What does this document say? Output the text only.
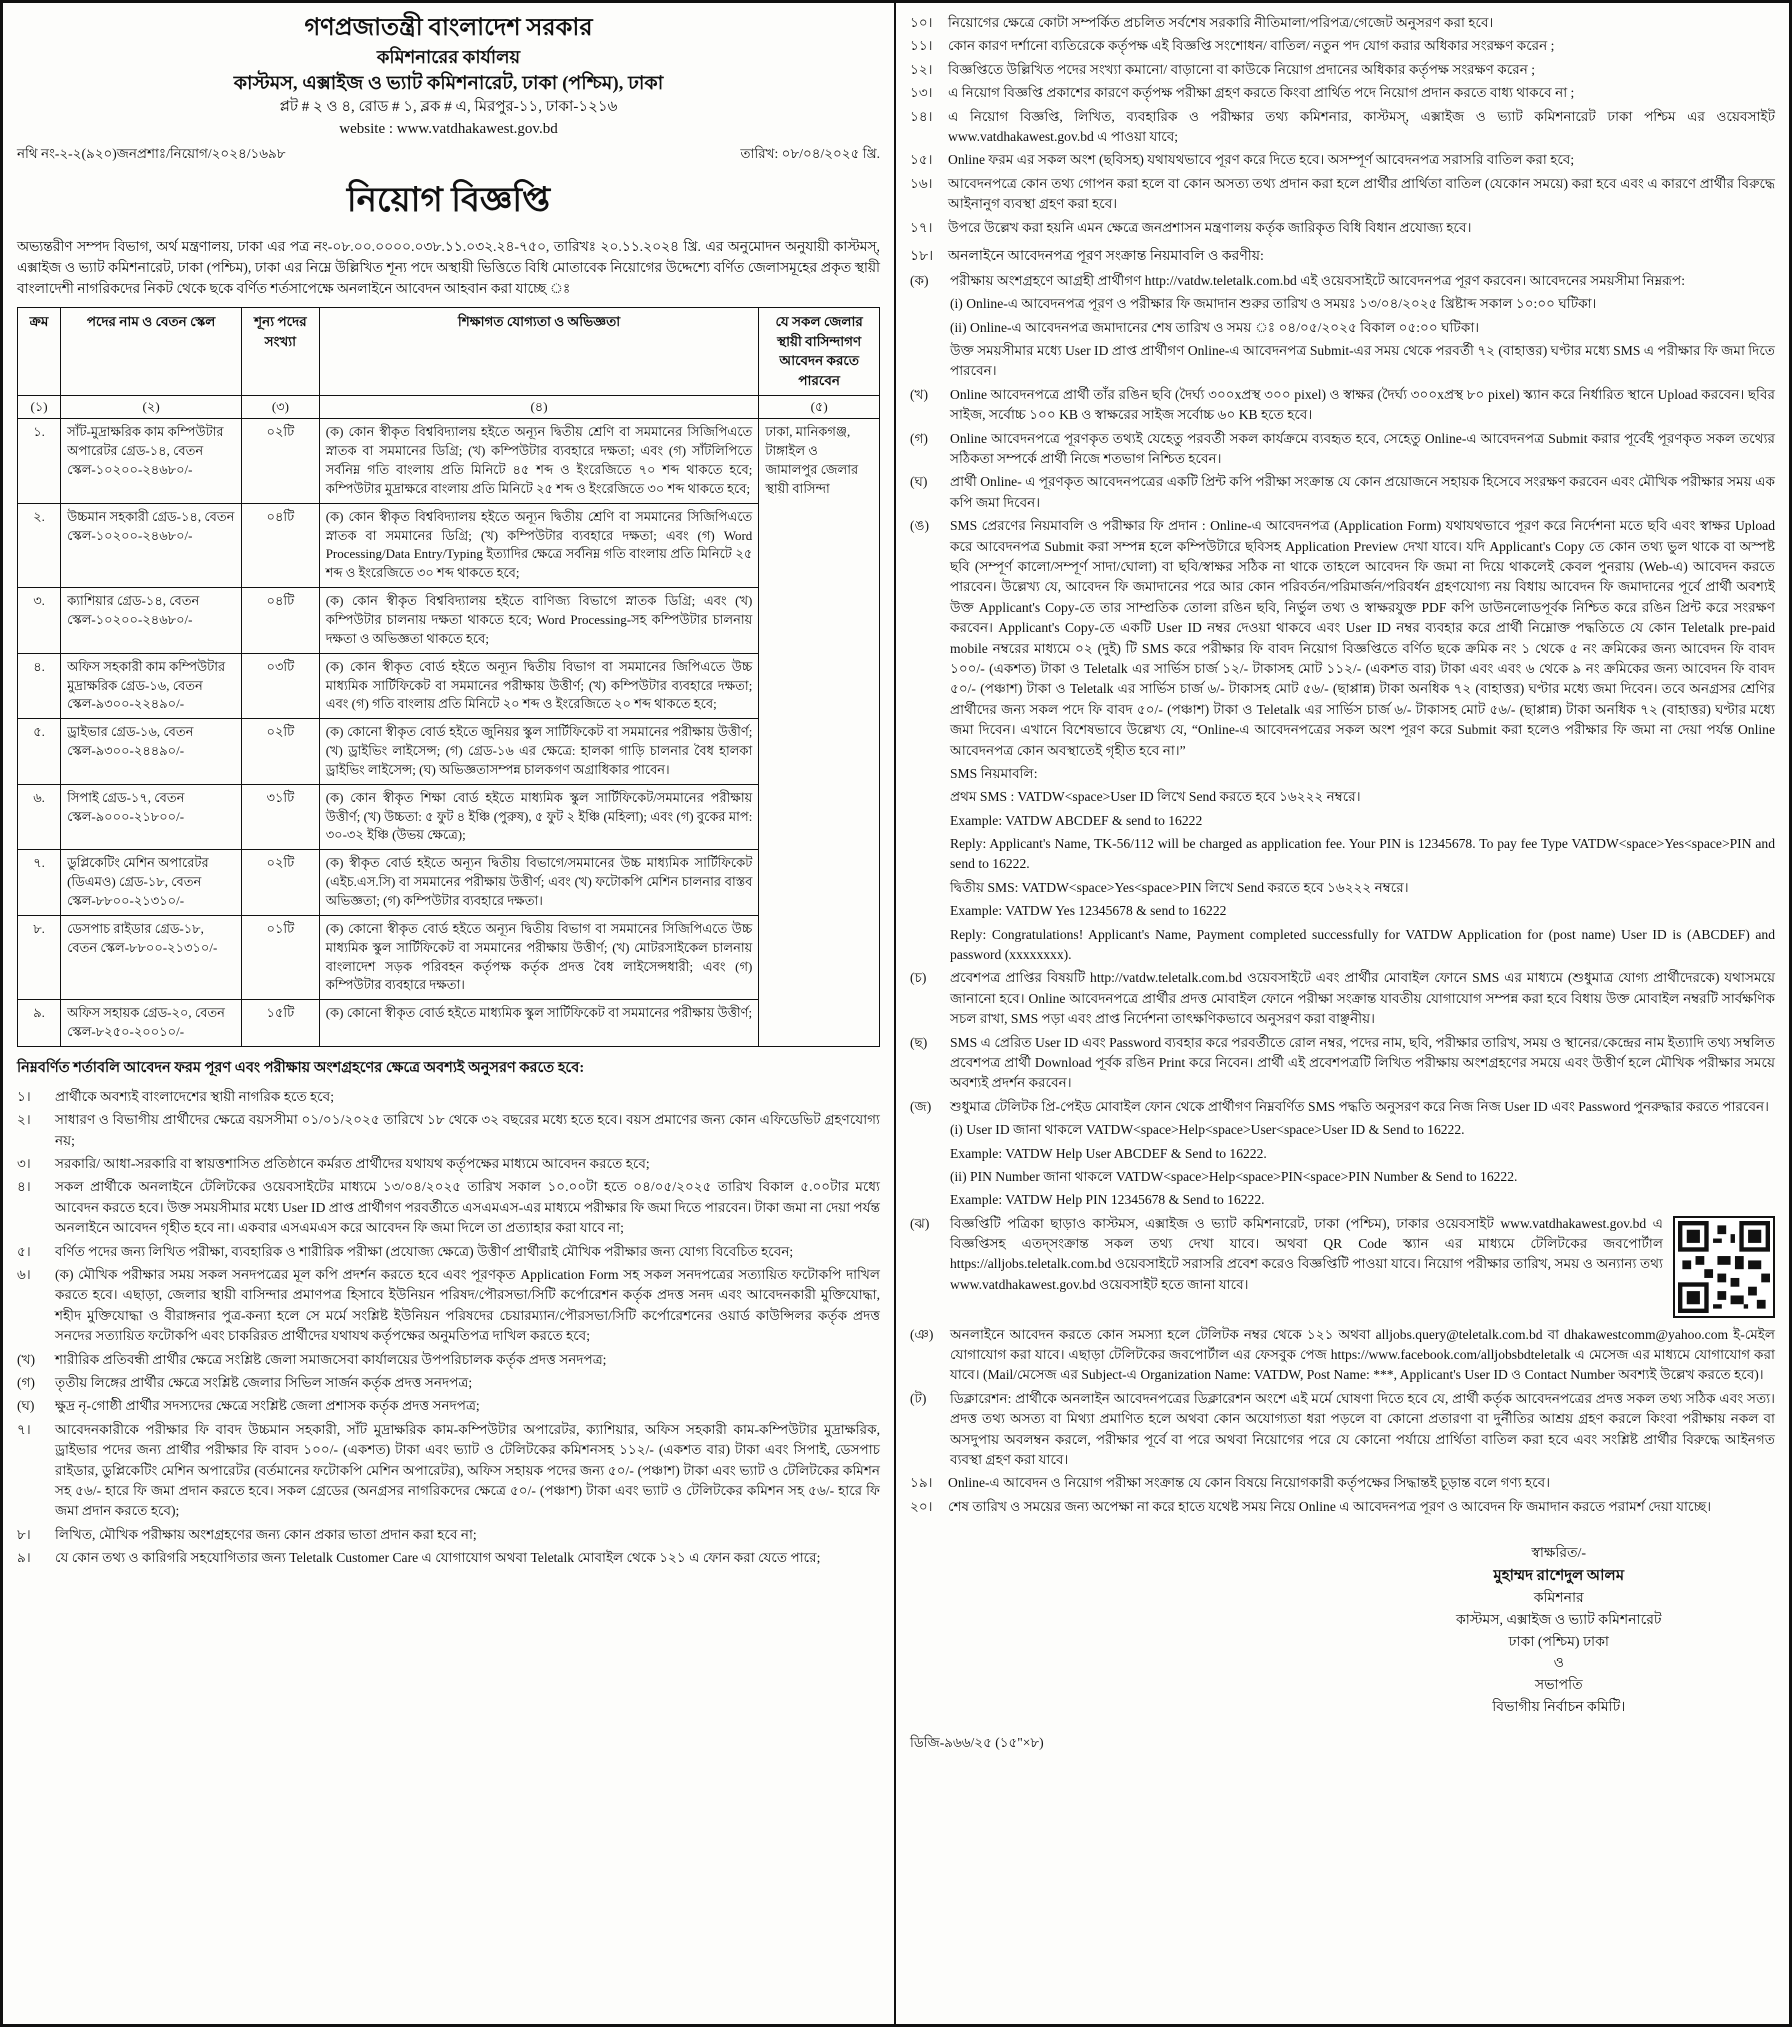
গণপ্রজাতন্ত্রী বাংলাদেশ সরকার
কমিশনারের কার্যালয়
কাস্টমস, এক্সাইজ ও ভ্যাট কমিশনারেট, ঢাকা (পশ্চিম), ঢাকা
প্লট # ২ ও ৪, রোড # ১, ব্লক # এ, মিরপুর-১১, ঢাকা-১২১৬
website : www.vatdhakawest.gov.bd
নথি নং-২-২(৯২০)জনপ্রশাঃ/নিয়োগ/২০২৪/১৬৯৮	তারিখ: ০৮/০৪/২০২৫ খ্রি.
নিয়োগ বিজ্ঞপ্তি

অভ্যন্তরীণ সম্পদ বিভাগ, অর্থ মন্ত্রণালয়, ঢাকা এর পত্র নং-০৮.০০.০০০০.০৩৮.১১.০৩২.২৪-৭৫০, তারিখঃ ২০.১১.২০২৪ খ্রি. এর অনুমোদন অনুযায়ী কাস্টমস্, এক্সাইজ ও ভ্যাট কমিশনারেট, ঢাকা (পশ্চিম), ঢাকা এর নিম্নে উল্লিখিত শূন্য পদে অস্থায়ী ভিত্তিতে বিধি মোতাবেক নিয়োগের উদ্দেশ্যে বর্ণিত জেলাসমূহের প্রকৃত স্থায়ী বাংলাদেশী নাগরিকদের নিকট থেকে ছকে বর্ণিত শর্তসাপেক্ষে অনলাইনে আবেদন আহবান করা যাচ্ছে ঃ

ক্রম	পদের নাম ও বেতন স্কেল	শূন্য পদের সংখ্যা	শিক্ষাগত যোগ্যতা ও অভিজ্ঞতা	যে সকল জেলার স্থায়ী বাসিন্দাগণ আবেদন করতে পারবেন
(১)	(২)	(৩)	(৪)	(৫)
১.	সাঁট-মুদ্রাক্ষরিক কাম কম্পিউটার অপারেটর গ্রেড-১৪, বেতন স্কেল-১০২০০-২৪৬৮০/-	০২টি	(ক) কোন স্বীকৃত বিশ্ববিদ্যালয় হইতে অন্যূন দ্বিতীয় শ্রেণি বা সমমানের সিজিপিএতে স্নাতক বা সমমানের ডিগ্রি; (খ) কম্পিউটার ব্যবহারে দক্ষতা; এবং (গ) সাঁটলিপিতে সর্বনিম্ন গতি বাংলায় প্রতি মিনিটে ৪৫ শব্দ ও ইংরেজিতে ৭০ শব্দ থাকতে হবে; কম্পিউটার মুদ্রাক্ষরে বাংলায় প্রতি মিনিটে ২৫ শব্দ ও ইংরেজিতে ৩০ শব্দ থাকতে হবে;	ঢাকা, মানিকগঞ্জ, টাঙ্গাইল ও জামালপুর জেলার স্থায়ী বাসিন্দা
২.	উচ্চমান সহকারী গ্রেড-১৪, বেতন স্কেল-১০২০০-২৪৬৮০/-	০৪টি	(ক) কোন স্বীকৃত বিশ্ববিদ্যালয় হইতে অন্যূন দ্বিতীয় শ্রেণি বা সমমানের সিজিপিএতে স্নাতক বা সমমানের ডিগ্রি; (খ) কম্পিউটার ব্যবহারে দক্ষতা; এবং (গ) Word Processing/Data Entry/Typing ইত্যাদির ক্ষেত্রে সর্বনিম্ন গতি বাংলায় প্রতি মিনিটে ২৫ শব্দ ও ইংরেজিতে ৩০ শব্দ থাকতে হবে;	
৩.	ক্যাশিয়ার গ্রেড-১৪, বেতন স্কেল-১০২০০-২৪৬৮০/-	০৪টি	(ক) কোন স্বীকৃত বিশ্ববিদ্যালয় হইতে বাণিজ্য বিভাগে স্নাতক ডিগ্রি; এবং (খ) কম্পিউটার চালনায় দক্ষতা থাকতে হবে; Word Processing-সহ কম্পিউটার চালনায় দক্ষতা ও অভিজ্ঞতা থাকতে হবে;	
৪.	অফিস সহকারী কাম কম্পিউটার মুদ্রাক্ষরিক গ্রেড-১৬, বেতন স্কেল-৯৩০০-২২৪৯০/-	০৩টি	(ক) কোন স্বীকৃত বোর্ড হইতে অন্যূন দ্বিতীয় বিভাগ বা সমমানের জিপিএতে উচ্চ মাধ্যমিক সার্টিফিকেট বা সমমানের পরীক্ষায় উত্তীর্ণ; (খ) কম্পিউটার ব্যবহারে দক্ষতা; এবং (গ) গতি বাংলায় প্রতি মিনিটে ২০ শব্দ ও ইংরেজিতে ২০ শব্দ থাকতে হবে;	
৫.	ড্রাইভার গ্রেড-১৬, বেতন স্কেল-৯৩০০-২৪৪৯০/-	০২টি	(ক) কোনো স্বীকৃত বোর্ড হইতে জুনিয়র স্কুল সার্টিফিকেট বা সমমানের পরীক্ষায় উত্তীর্ণ; (খ) ড্রাইভিং লাইসেন্স; (গ) গ্রেড-১৬ এর ক্ষেত্রে: হালকা গাড়ি চালনার বৈধ হালকা ড্রাইভিং লাইসেন্স; (ঘ) অভিজ্ঞতাসম্পন্ন চালকগণ অগ্রাধিকার পাবেন।	
৬.	সিপাই গ্রেড-১৭, বেতন স্কেল-৯০০০-২১৮০০/-	৩১টি	(ক) কোন স্বীকৃত শিক্ষা বোর্ড হইতে মাধ্যমিক স্কুল সার্টিফিকেট/সমমানের পরীক্ষায় উত্তীর্ণ; (খ) উচ্চতা: ৫ ফুট ৪ ইঞ্চি (পুরুষ), ৫ ফুট ২ ইঞ্চি (মহিলা); এবং (গ) বুকের মাপ: ৩০-৩২ ইঞ্চি (উভয় ক্ষেত্রে);	
৭.	ডুপ্লিকেটিং মেশিন অপারেটর (ডিএমও) গ্রেড-১৮, বেতন স্কেল-৮৮০০-২১৩১০/-	০২টি	(ক) স্বীকৃত বোর্ড হইতে অন্যূন দ্বিতীয় বিভাগে/সমমানের উচ্চ মাধ্যমিক সার্টিফিকেট (এইচ.এস.সি) বা সমমানের পরীক্ষায় উত্তীর্ণ; এবং (খ) ফটোকপি মেশিন চালনার বাস্তব অভিজ্ঞতা; (গ) কম্পিউটার ব্যবহারে দক্ষতা।	
৮.	ডেসপাচ রাইডার গ্রেড-১৮, বেতন স্কেল-৮৮০০-২১৩১০/-	০১টি	(ক) কোনো স্বীকৃত বোর্ড হইতে অন্যূন দ্বিতীয় বিভাগ বা সমমানের সিজিপিএতে উচ্চ মাধ্যমিক স্কুল সার্টিফিকেট বা সমমানের পরীক্ষায় উত্তীর্ণ; (খ) মোটরসাইকেল চালনায় বাংলাদেশ সড়ক পরিবহন কর্তৃপক্ষ কর্তৃক প্রদত্ত বৈধ লাইসেন্সধারী; এবং (গ) কম্পিউটার ব্যবহারে দক্ষতা।	
৯.	অফিস সহায়ক গ্রেড-২০, বেতন স্কেল-৮২৫০-২০০১০/-	১৫টি	(ক) কোনো স্বীকৃত বোর্ড হইতে মাধ্যমিক স্কুল সার্টিফিকেট বা সমমানের পরীক্ষায় উত্তীর্ণ;	
নিম্নবর্ণিত শর্তাবলি আবেদন ফরম পূরণ এবং পরীক্ষায় অংশগ্রহণের ক্ষেত্রে অবশ্যই অনুসরণ করতে হবে:
১।	প্রার্থীকে অবশ্যই বাংলাদেশের স্থায়ী নাগরিক হতে হবে;
২।	সাধারণ ও বিভাগীয় প্রার্থীদের ক্ষেত্রে বয়সসীমা ০১/০১/২০২৫ তারিখে ১৮ থেকে ৩২ বছরের মধ্যে হতে হবে। বয়স প্রমাণের জন্য কোন এফিডেভিট গ্রহণযোগ্য নয়;
৩।	সরকারি/ আধা-সরকারি বা স্বায়ত্তশাসিত প্রতিষ্ঠানে কর্মরত প্রার্থীদের যথাযথ কর্তৃপক্ষের মাধ্যমে আবেদন করতে হবে;
৪।	সকল প্রার্থীকে অনলাইনে টেলিটকের ওয়েবসাইটের মাধ্যমে ১৩/০৪/২০২৫ তারিখ সকাল ১০.০০টা হতে ০৪/০৫/২০২৫ তারিখ বিকাল ৫.০০টার মধ্যে আবেদন করতে হবে। উক্ত সময়সীমার মধ্যে User ID প্রাপ্ত প্রার্থীগণ পরবর্তীতে এসএমএস-এর মাধ্যমে পরীক্ষার ফি জমা দিতে পারবেন। টাকা জমা না দেয়া পর্যন্ত অনলাইনে আবেদন গৃহীত হবে না। একবার এসএমএস করে আবেদন ফি জমা দিলে তা প্রত্যাহার করা যাবে না;
৫।	বর্ণিত পদের জন্য লিখিত পরীক্ষা, ব্যবহারিক ও শারীরিক পরীক্ষা (প্রযোজ্য ক্ষেত্রে) উত্তীর্ণ প্রার্থীরাই মৌখিক পরীক্ষার জন্য যোগ্য বিবেচিত হবেন;
৬।	(ক) মৌখিক পরীক্ষার সময় সকল সনদপত্রের মূল কপি প্রদর্শন করতে হবে এবং পূরণকৃত Application Form সহ সকল সনদপত্রের সত্যায়িত ফটোকপি দাখিল করতে হবে। এছাড়া, জেলার স্থায়ী বাসিন্দার প্রমাণপত্র হিসাবে ইউনিয়ন পরিষদ/পৌরসভা/সিটি কর্পোরেশন কর্তৃক প্রদত্ত সনদ এবং আবেদনকারী মুক্তিযোদ্ধা, শহীদ মুক্তিযোদ্ধা ও বীরাঙ্গনার পুত্র-কন্যা হলে সে মর্মে সংশ্লিষ্ট ইউনিয়ন পরিষদের চেয়ারম্যান/পৌরসভা/সিটি কর্পোরেশনের ওয়ার্ড কাউন্সিলর কর্তৃক প্রদত্ত সনদের সত্যায়িত ফটোকপি এবং চাকরিরত প্রার্থীদের যথাযথ কর্তৃপক্ষের অনুমতিপত্র দাখিল করতে হবে;
(খ)	শারীরিক প্রতিবন্ধী প্রার্থীর ক্ষেত্রে সংশ্লিষ্ট জেলা সমাজসেবা কার্যালয়ের উপপরিচালক কর্তৃক প্রদত্ত সনদপত্র;
(গ)	তৃতীয় লিঙ্গের প্রার্থীর ক্ষেত্রে সংশ্লিষ্ট জেলার সিভিল সার্জন কর্তৃক প্রদত্ত সনদপত্র;
(ঘ)	ক্ষুদ্র নৃ-গোষ্ঠী প্রার্থীর সদস্যদের ক্ষেত্রে সংশ্লিষ্ট জেলা প্রশাসক কর্তৃক প্রদত্ত সনদপত্র;
৭।	আবেদনকারীকে পরীক্ষার ফি বাবদ উচ্চমান সহকারী, সাঁট মুদ্রাক্ষরিক কাম-কম্পিউটার অপারেটর, ক্যাশিয়ার, অফিস সহকারী কাম-কম্পিউটার মুদ্রাক্ষরিক, ড্রাইভার পদের জন্য প্রার্থীর পরীক্ষার ফি বাবদ ১০০/- (একশত) টাকা এবং ভ্যাট ও টেলিটকের কমিশনসহ ১১২/- (একশত বার) টাকা এবং সিপাই, ডেসপাচ রাইডার, ডুপ্লিকেটিং মেশিন অপারেটর (বর্তমানের ফটোকপি মেশিন অপারেটর), অফিস সহায়ক পদের জন্য ৫০/- (পঞ্চাশ) টাকা এবং ভ্যাট ও টেলিটকের কমিশন সহ ৫৬/- হারে ফি জমা প্রদান করতে হবে। সকল গ্রেডের (অনগ্রসর নাগরিকদের ক্ষেত্রে ৫০/- (পঞ্চাশ) টাকা এবং ভ্যাট ও টেলিটকের কমিশন সহ ৫৬/- হারে ফি জমা প্রদান করতে হবে);
৮।	লিখিত, মৌখিক পরীক্ষায় অংশগ্রহণের জন্য কোন প্রকার ভাতা প্রদান করা হবে না;
৯।	যে কোন তথ্য ও কারিগরি সহযোগিতার জন্য Teletalk Customer Care এ যোগাযোগ অথবা Teletalk মোবাইল থেকে ১২১ এ ফোন করা যেতে পারে;
১০।	নিয়োগের ক্ষেত্রে কোটা সম্পর্কিত প্রচলিত সর্বশেষ সরকারি নীতিমালা/পরিপত্র/গেজেট অনুসরণ করা হবে।
১১।	কোন কারণ দর্শানো ব্যতিরেকে কর্তৃপক্ষ এই বিজ্ঞপ্তি সংশোধন/ বাতিল/ নতুন পদ যোগ করার অধিকার সংরক্ষণ করেন ;
১২।	বিজ্ঞপ্তিতে উল্লিখিত পদের সংখ্যা কমানো/ বাড়ানো বা কাউকে নিয়োগ প্রদানের অধিকার কর্তৃপক্ষ সংরক্ষণ করেন ;
১৩।	এ নিয়োগ বিজ্ঞপ্তি প্রকাশের কারণে কর্তৃপক্ষ পরীক্ষা গ্রহণ করতে কিংবা প্রার্থিত পদে নিয়োগ প্রদান করতে বাধ্য থাকবে না ;
১৪।	এ নিয়োগ বিজ্ঞপ্তি, লিখিত, ব্যবহারিক ও পরীক্ষার তথ্য কমিশনার, কাস্টমস্, এক্সাইজ ও ভ্যাট কমিশনারেট ঢাকা পশ্চিম এর ওয়েবসাইট www.vatdhakawest.gov.bd এ পাওয়া যাবে;
১৫।	Online ফরম এর সকল অংশ (ছবিসহ) যথাযথভাবে পূরণ করে দিতে হবে। অসম্পূর্ণ আবেদনপত্র সরাসরি বাতিল করা হবে;
১৬।	আবেদনপত্রে কোন তথ্য গোপন করা হলে বা কোন অসত্য তথ্য প্রদান করা হলে প্রার্থীর প্রার্থিতা বাতিল (যেকোন সময়ে) করা হবে এবং এ কারণে প্রার্থীর বিরুদ্ধে আইনানুগ ব্যবস্থা গ্রহণ করা হবে।
১৭।	উপরে উল্লেখ করা হয়নি এমন ক্ষেত্রে জনপ্রশাসন মন্ত্রণালয় কর্তৃক জারিকৃত বিধি বিধান প্রযোজ্য হবে।
১৮।	অনলাইনে আবেদনপত্র পূরণ সংক্রান্ত নিয়মাবলি ও করণীয়:
(ক)	পরীক্ষায় অংশগ্রহণে আগ্রহী প্রার্থীগণ http://vatdw.teletalk.com.bd এই ওয়েবসাইটে আবেদনপত্র পূরণ করবেন। আবেদনের সময়সীমা নিম্নরূপ:
(i) Online-এ আবেদনপত্র পূরণ ও পরীক্ষার ফি জমাদান শুরুর তারিখ ও সময়ঃ ১৩/০৪/২০২৫ খ্রিষ্টাব্দ সকাল ১০:০০ ঘটিকা।
(ii) Online-এ আবেদনপত্র জমাদানের শেষ তারিখ ও সময় ঃ ০৪/০৫/২০২৫ বিকাল ০৫:০০ ঘটিকা।
উক্ত সময়সীমার মধ্যে User ID প্রাপ্ত প্রার্থীগণ Online-এ আবেদনপত্র Submit-এর সময় থেকে পরবর্তী ৭২ (বাহাত্তর) ঘণ্টার মধ্যে SMS এ পরীক্ষার ফি জমা দিতে পারবেন।
(খ)	Online আবেদনপত্রে প্রার্থী তাঁর রঙিন ছবি (দৈর্ঘ্য ৩০০xপ্রস্থ ৩০০ pixel) ও স্বাক্ষর (দৈর্ঘ্য ৩০০xপ্রস্থ ৮০ pixel) স্ক্যান করে নির্ধারিত স্থানে Upload করবেন। ছবির সাইজ, সর্বোচ্চ ১০০ KB ও স্বাক্ষরের সাইজ সর্বোচ্চ ৬০ KB হতে হবে।
(গ)	Online আবেদনপত্রে পূরণকৃত তথ্যই যেহেতু পরবর্তী সকল কার্যক্রমে ব্যবহৃত হবে, সেহেতু Online-এ আবেদনপত্র Submit করার পূর্বেই পূরণকৃত সকল তথ্যের সঠিকতা সম্পর্কে প্রার্থী নিজে শতভাগ নিশ্চিত হবেন।
(ঘ)	প্রার্থী Online- এ পূরণকৃত আবেদনপত্রের একটি প্রিন্ট কপি পরীক্ষা সংক্রান্ত যে কোন প্রয়োজনে সহায়ক হিসেবে সংরক্ষণ করবেন এবং মৌখিক পরীক্ষার সময় এক কপি জমা দিবেন।
(ঙ)	SMS প্রেরণের নিয়মাবলি ও পরীক্ষার ফি প্রদান : Online-এ আবেদনপত্র (Application Form) যথাযথভাবে পূরণ করে নির্দেশনা মতে ছবি এবং স্বাক্ষর Upload করে আবেদনপত্র Submit করা সম্পন্ন হলে কম্পিউটারে ছবিসহ Application Preview দেখা যাবে। যদি Applicant's Copy তে কোন তথ্য ভুল থাকে বা অস্পষ্ট ছবি (সম্পূর্ণ কালো/সম্পূর্ণ সাদা/ঘোলা) বা ছবি/স্বাক্ষর সঠিক না থাকে তাহলে আবেদন ফি জমা না দিয়ে থাকলেই কেবল পুনরায় (Web-এ) আবেদন করতে পারবেন। উল্লেখ্য যে, আবেদন ফি জমাদানের পরে আর কোন পরিবর্তন/পরিমার্জন/পরিবর্ধন গ্রহণযোগ্য নয় বিধায় আবেদন ফি জমাদানের পূর্বে প্রার্থী অবশ্যই উক্ত Applicant's Copy-তে তার সাম্প্রতিক তোলা রঙিন ছবি, নির্ভুল তথ্য ও স্বাক্ষরযুক্ত PDF কপি ডাউনলোডপূর্বক নিশ্চিত করে রঙিন প্রিন্ট করে সংরক্ষণ করবেন। Applicant's Copy-তে একটি User ID নম্বর দেওয়া থাকবে এবং User ID নম্বর ব্যবহার করে প্রার্থী নিম্নোক্ত পদ্ধতিতে যে কোন Teletalk pre-paid mobile নম্বরের মাধ্যমে ০২ (দুই) টি SMS করে পরীক্ষার ফি বাবদ নিয়োগ বিজ্ঞপ্তিতে বর্ণিত ছকে ক্রমিক নং ১ থেকে ৫ নং ক্রমিকের জন্য আবেদন ফি বাবদ ১০০/- (একশত) টাকা ও Teletalk এর সার্ভিস চার্জ ১২/- টাকাসহ মোট ১১২/- (একশত বার) টাকা এবং এবং ৬ থেকে ৯ নং ক্রমিকের জন্য আবেদন ফি বাবদ ৫০/- (পঞ্চাশ) টাকা ও Teletalk এর সার্ভিস চার্জ ৬/- টাকাসহ মোট ৫৬/- (ছাপ্পান্ন) টাকা অনধিক ৭২ (বাহাত্তর) ঘণ্টার মধ্যে জমা দিবেন। তবে অনগ্রসর শ্রেণির প্রার্থীদের জন্য সকল পদে ফি বাবদ ৫০/- (পঞ্চাশ) টাকা ও Teletalk এর সার্ভিস চার্জ ৬/- টাকাসহ মোট ৫৬/- (ছাপ্পান্ন) টাকা অনধিক ৭২ (বাহাত্তর) ঘণ্টার মধ্যে জমা দিবেন। এখানে বিশেষভাবে উল্লেখ্য যে, “Online-এ আবেদনপত্রের সকল অংশ পূরণ করে Submit করা হলেও পরীক্ষার ফি জমা না দেয়া পর্যন্ত Online আবেদনপত্র কোন অবস্থাতেই গৃহীত হবে না।”
SMS নিয়মাবলি:
প্রথম SMS : VATDW<space>User ID লিখে Send করতে হবে ১৬২২২ নম্বরে।
Example: VATDW ABCDEF & send to 16222
Reply: Applicant's Name, TK-56/112 will be charged as application fee. Your PIN is 12345678. To pay fee Type VATDW<space>Yes<space>PIN and send to 16222.
দ্বিতীয় SMS: VATDW<space>Yes<space>PIN লিখে Send করতে হবে ১৬২২২ নম্বরে।
Example: VATDW Yes 12345678 & send to 16222
Reply: Congratulations! Applicant's Name, Payment completed successfully for VATDW Application for (post name) User ID is (ABCDEF) and password (xxxxxxxx).
(চ)	প্রবেশপত্র প্রাপ্তির বিষয়টি http://vatdw.teletalk.com.bd ওয়েবসাইটে এবং প্রার্থীর মোবাইল ফোনে SMS এর মাধ্যমে (শুধুমাত্র যোগ্য প্রার্থীদেরকে) যথাসময়ে জানানো হবে। Online আবেদনপত্রে প্রার্থীর প্রদত্ত মোবাইল ফোনে পরীক্ষা সংক্রান্ত যাবতীয় যোগাযোগ সম্পন্ন করা হবে বিধায় উক্ত মোবাইল নম্বরটি সার্বক্ষণিক সচল রাখা, SMS পড়া এবং প্রাপ্ত নির্দেশনা তাৎক্ষণিকভাবে অনুসরণ করা বাঞ্ছনীয়।
(ছ)	SMS এ প্রেরিত User ID এবং Password ব্যবহার করে পরবর্তীতে রোল নম্বর, পদের নাম, ছবি, পরীক্ষার তারিখ, সময় ও স্থানের/কেন্দ্রের নাম ইত্যাদি তথ্য সম্বলিত প্রবেশপত্র প্রার্থী Download পূর্বক রঙিন Print করে নিবেন। প্রার্থী এই প্রবেশপত্রটি লিখিত পরীক্ষায় অংশগ্রহণের সময়ে এবং উত্তীর্ণ হলে মৌখিক পরীক্ষার সময়ে অবশ্যই প্রদর্শন করবেন।
(জ)	শুধুমাত্র টেলিটক প্রি-পেইড মোবাইল ফোন থেকে প্রার্থীগণ নিম্নবর্ণিত SMS পদ্ধতি অনুসরণ করে নিজ নিজ User ID এবং Password পুনরুদ্ধার করতে পারবেন।
(i) User ID জানা থাকলে VATDW<space>Help<space>User<space>User ID & Send to 16222.
Example: VATDW Help User ABCDEF & Send to 16222.
(ii) PIN Number জানা থাকলে VATDW<space>Help<space>PIN<space>PIN Number & Send to 16222.
Example: VATDW Help PIN 12345678 & Send to 16222.
(ঝ)	বিজ্ঞপ্তিটি পত্রিকা ছাড়াও কাস্টমস, এক্সাইজ ও ভ্যাট কমিশনারেট, ঢাকা (পশ্চিম), ঢাকার ওয়েবসাইট www.vatdhakawest.gov.bd এ বিজ্ঞপ্তিসহ এতদ্সংক্রান্ত সকল তথ্য দেখা যাবে। অথবা QR Code স্ক্যান এর মাধ্যমে টেলিটকের জবপোর্টাল https://alljobs.teletalk.com.bd ওয়েবসাইটে সরাসরি প্রবেশ করেও বিজ্ঞপ্তিটি পাওয়া যাবে। নিয়োগ পরীক্ষার তারিখ, সময় ও অন্যান্য তথ্য www.vatdhakawest.gov.bd ওয়েবসাইট হতে জানা যাবে।
(ঞ)	অনলাইনে আবেদন করতে কোন সমস্যা হলে টেলিটক নম্বর থেকে ১২১ অথবা alljobs.query@teletalk.com.bd বা dhakawestcomm@yahoo.com ই-মেইল যোগাযোগ করা যাবে। এছাড়া টেলিটকের জবপোর্টাল এর ফেসবুক পেজ https://www.facebook.com/alljobsbdteletalk এ মেসেজ এর মাধ্যমে যোগাযোগ করা যাবে। (Mail/মেসেজ এর Subject-এ Organization Name: VATDW, Post Name: ***, Applicant's User ID ও Contact Number অবশ্যই উল্লেখ করতে হবে)।
(ট)	ডিক্লারেশন: প্রার্থীকে অনলাইন আবেদনপত্রের ডিক্লারেশন অংশে এই মর্মে ঘোষণা দিতে হবে যে, প্রার্থী কর্তৃক আবেদনপত্রের প্রদত্ত সকল তথ্য সঠিক এবং সত্য। প্রদত্ত তথ্য অসত্য বা মিথ্যা প্রমাণিত হলে অথবা কোন অযোগ্যতা ধরা পড়লে বা কোনো প্রতারণা বা দুর্নীতির আশ্রয় গ্রহণ করলে কিংবা পরীক্ষায় নকল বা অসদুপায় অবলম্বন করলে, পরীক্ষার পূর্বে বা পরে অথবা নিয়োগের পরে যে কোনো পর্যায়ে প্রার্থিতা বাতিল করা হবে এবং সংশ্লিষ্ট প্রার্থীর বিরুদ্ধে আইনগত ব্যবস্থা গ্রহণ করা যাবে।
১৯।	Online-এ আবেদন ও নিয়োগ পরীক্ষা সংক্রান্ত যে কোন বিষয়ে নিয়োগকারী কর্তৃপক্ষের সিদ্ধান্তই চূড়ান্ত বলে গণ্য হবে।
২০।	শেষ তারিখ ও সময়ের জন্য অপেক্ষা না করে হাতে যথেষ্ট সময় নিয়ে Online এ আবেদনপত্র পূরণ ও আবেদন ফি জমাদান করতে পরামর্শ দেয়া যাচ্ছে।
স্বাক্ষরিত/-
মুহাম্মদ রাশেদুল আলম
কমিশনার
কাস্টমস, এক্সাইজ ও ভ্যাট কমিশনারেট
ঢাকা (পশ্চিম) ঢাকা
ও
সভাপতি
বিভাগীয় নির্বাচন কমিটি।
ডিজি-৯৬৬/২৫ (১৫"×৮)
